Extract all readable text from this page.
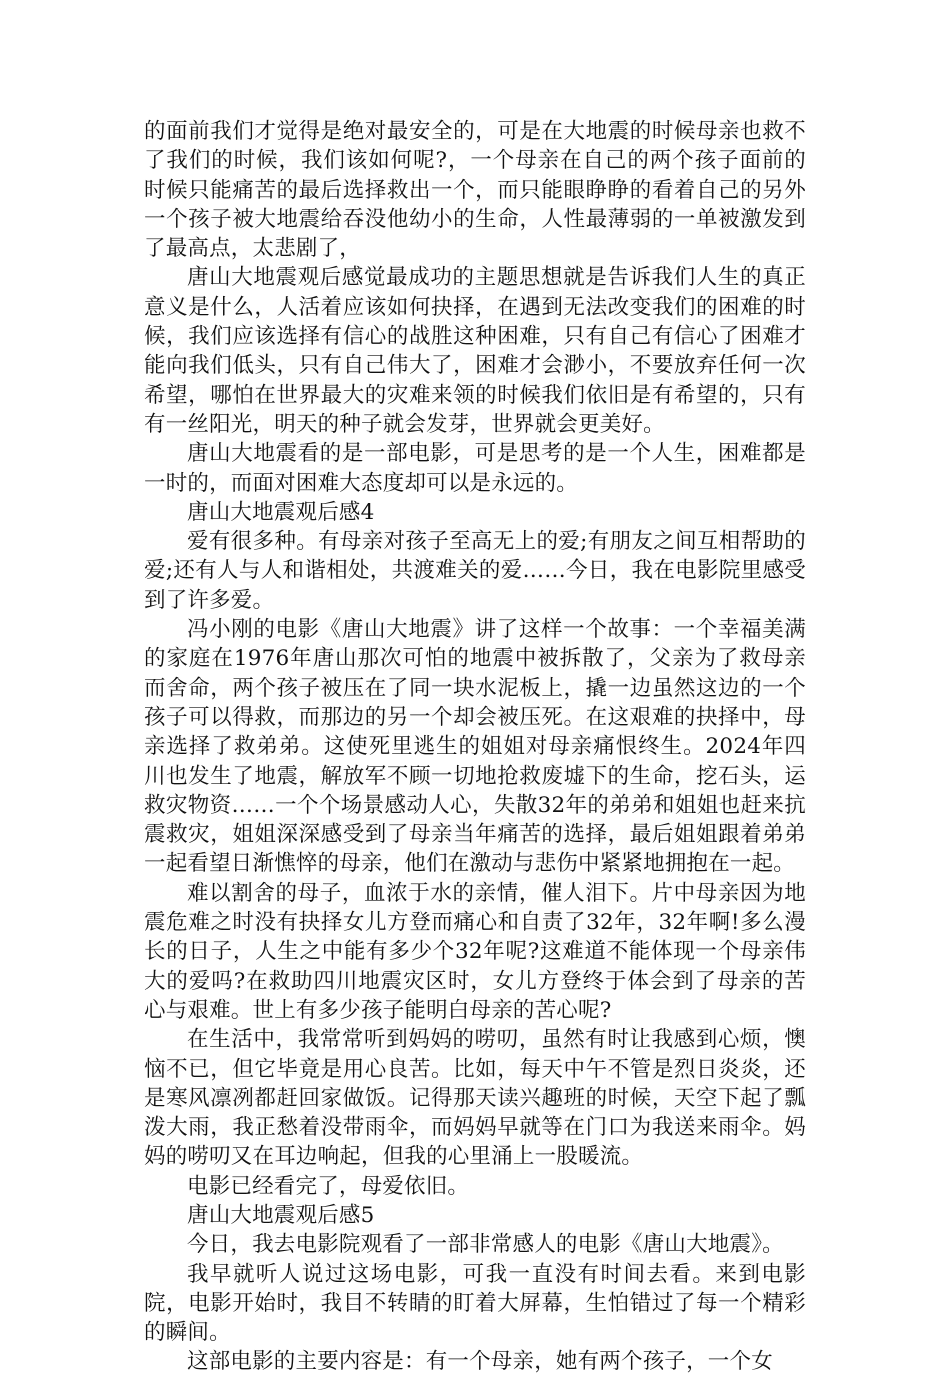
的面前我们才觉得是绝对最安全的，可是在大地震的时候母亲也救不了我们的时候，我们该如何呢?，一个母亲在自己的两个孩子面前的时候只能痛苦的最后选择救出一个，而只能眼睁睁的看着自己的另外一个孩子被大地震给吞没他幼小的生命，人性最薄弱的一单被激发到了最高点，太悲剧了，

唐山大地震观后感觉最成功的主题思想就是告诉我们人生的真正意义是什么，人活着应该如何抉择，在遇到无法改变我们的困难的时候，我们应该选择有信心的战胜这种困难，只有自己有信心了困难才能向我们低头，只有自己伟大了，困难才会渺小，不要放弃任何一次希望，哪怕在世界最大的灾难来领的时候我们依旧是有希望的，只有有一丝阳光，明天的种子就会发芽，世界就会更美好。

唐山大地震看的是一部电影，可是思考的是一个人生，困难都是一时的，而面对困难大态度却可以是永远的。

唐山大地震观后感4

爱有很多种。有母亲对孩子至高无上的爱;有朋友之间互相帮助的爱;还有人与人和谐相处，共渡难关的爱……今日，我在电影院里感受到了许多爱。

冯小刚的电影《唐山大地震》讲了这样一个故事：一个幸福美满的家庭在1976年唐山那次可怕的地震中被拆散了，父亲为了救母亲而舍命，两个孩子被压在了同一块水泥板上，撬一边虽然这边的一个孩子可以得救，而那边的另一个却会被压死。在这艰难的抉择中，母亲选择了救弟弟。这使死里逃生的姐姐对母亲痛恨终生。2024年四川也发生了地震，解放军不顾一切地抢救废墟下的生命，挖石头，运救灾物资……一个个场景感动人心，失散32年的弟弟和姐姐也赶来抗震救灾，姐姐深深感受到了母亲当年痛苦的选择，最后姐姐跟着弟弟一起看望日渐憔悴的母亲，他们在激动与悲伤中紧紧地拥抱在一起。

难以割舍的母子，血浓于水的亲情，催人泪下。片中母亲因为地震危难之时没有抉择女儿方登而痛心和自责了32年，32年啊!多么漫长的日子，人生之中能有多少个32年呢?这难道不能体现一个母亲伟大的爱吗?在救助四川地震灾区时，女儿方登终于体会到了母亲的苦心与艰难。世上有多少孩子能明白母亲的苦心呢?

在生活中，我常常听到妈妈的唠叨，虽然有时让我感到心烦，懊恼不已，但它毕竟是用心良苦。比如，每天中午不管是烈日炎炎，还是寒风凛冽都赶回家做饭。记得那天读兴趣班的时候，天空下起了瓢泼大雨，我正愁着没带雨伞，而妈妈早就等在门口为我送来雨伞。妈妈的唠叨又在耳边响起，但我的心里涌上一股暖流。

电影已经看完了，母爱依旧。

唐山大地震观后感5

今日，我去电影院观看了一部非常感人的电影《唐山大地震》。

我早就听人说过这场电影，可我一直没有时间去看。来到电影院，电影开始时，我目不转睛的盯着大屏幕，生怕错过了每一个精彩的瞬间。

这部电影的主要内容是：有一个母亲，她有两个孩子，一个女
